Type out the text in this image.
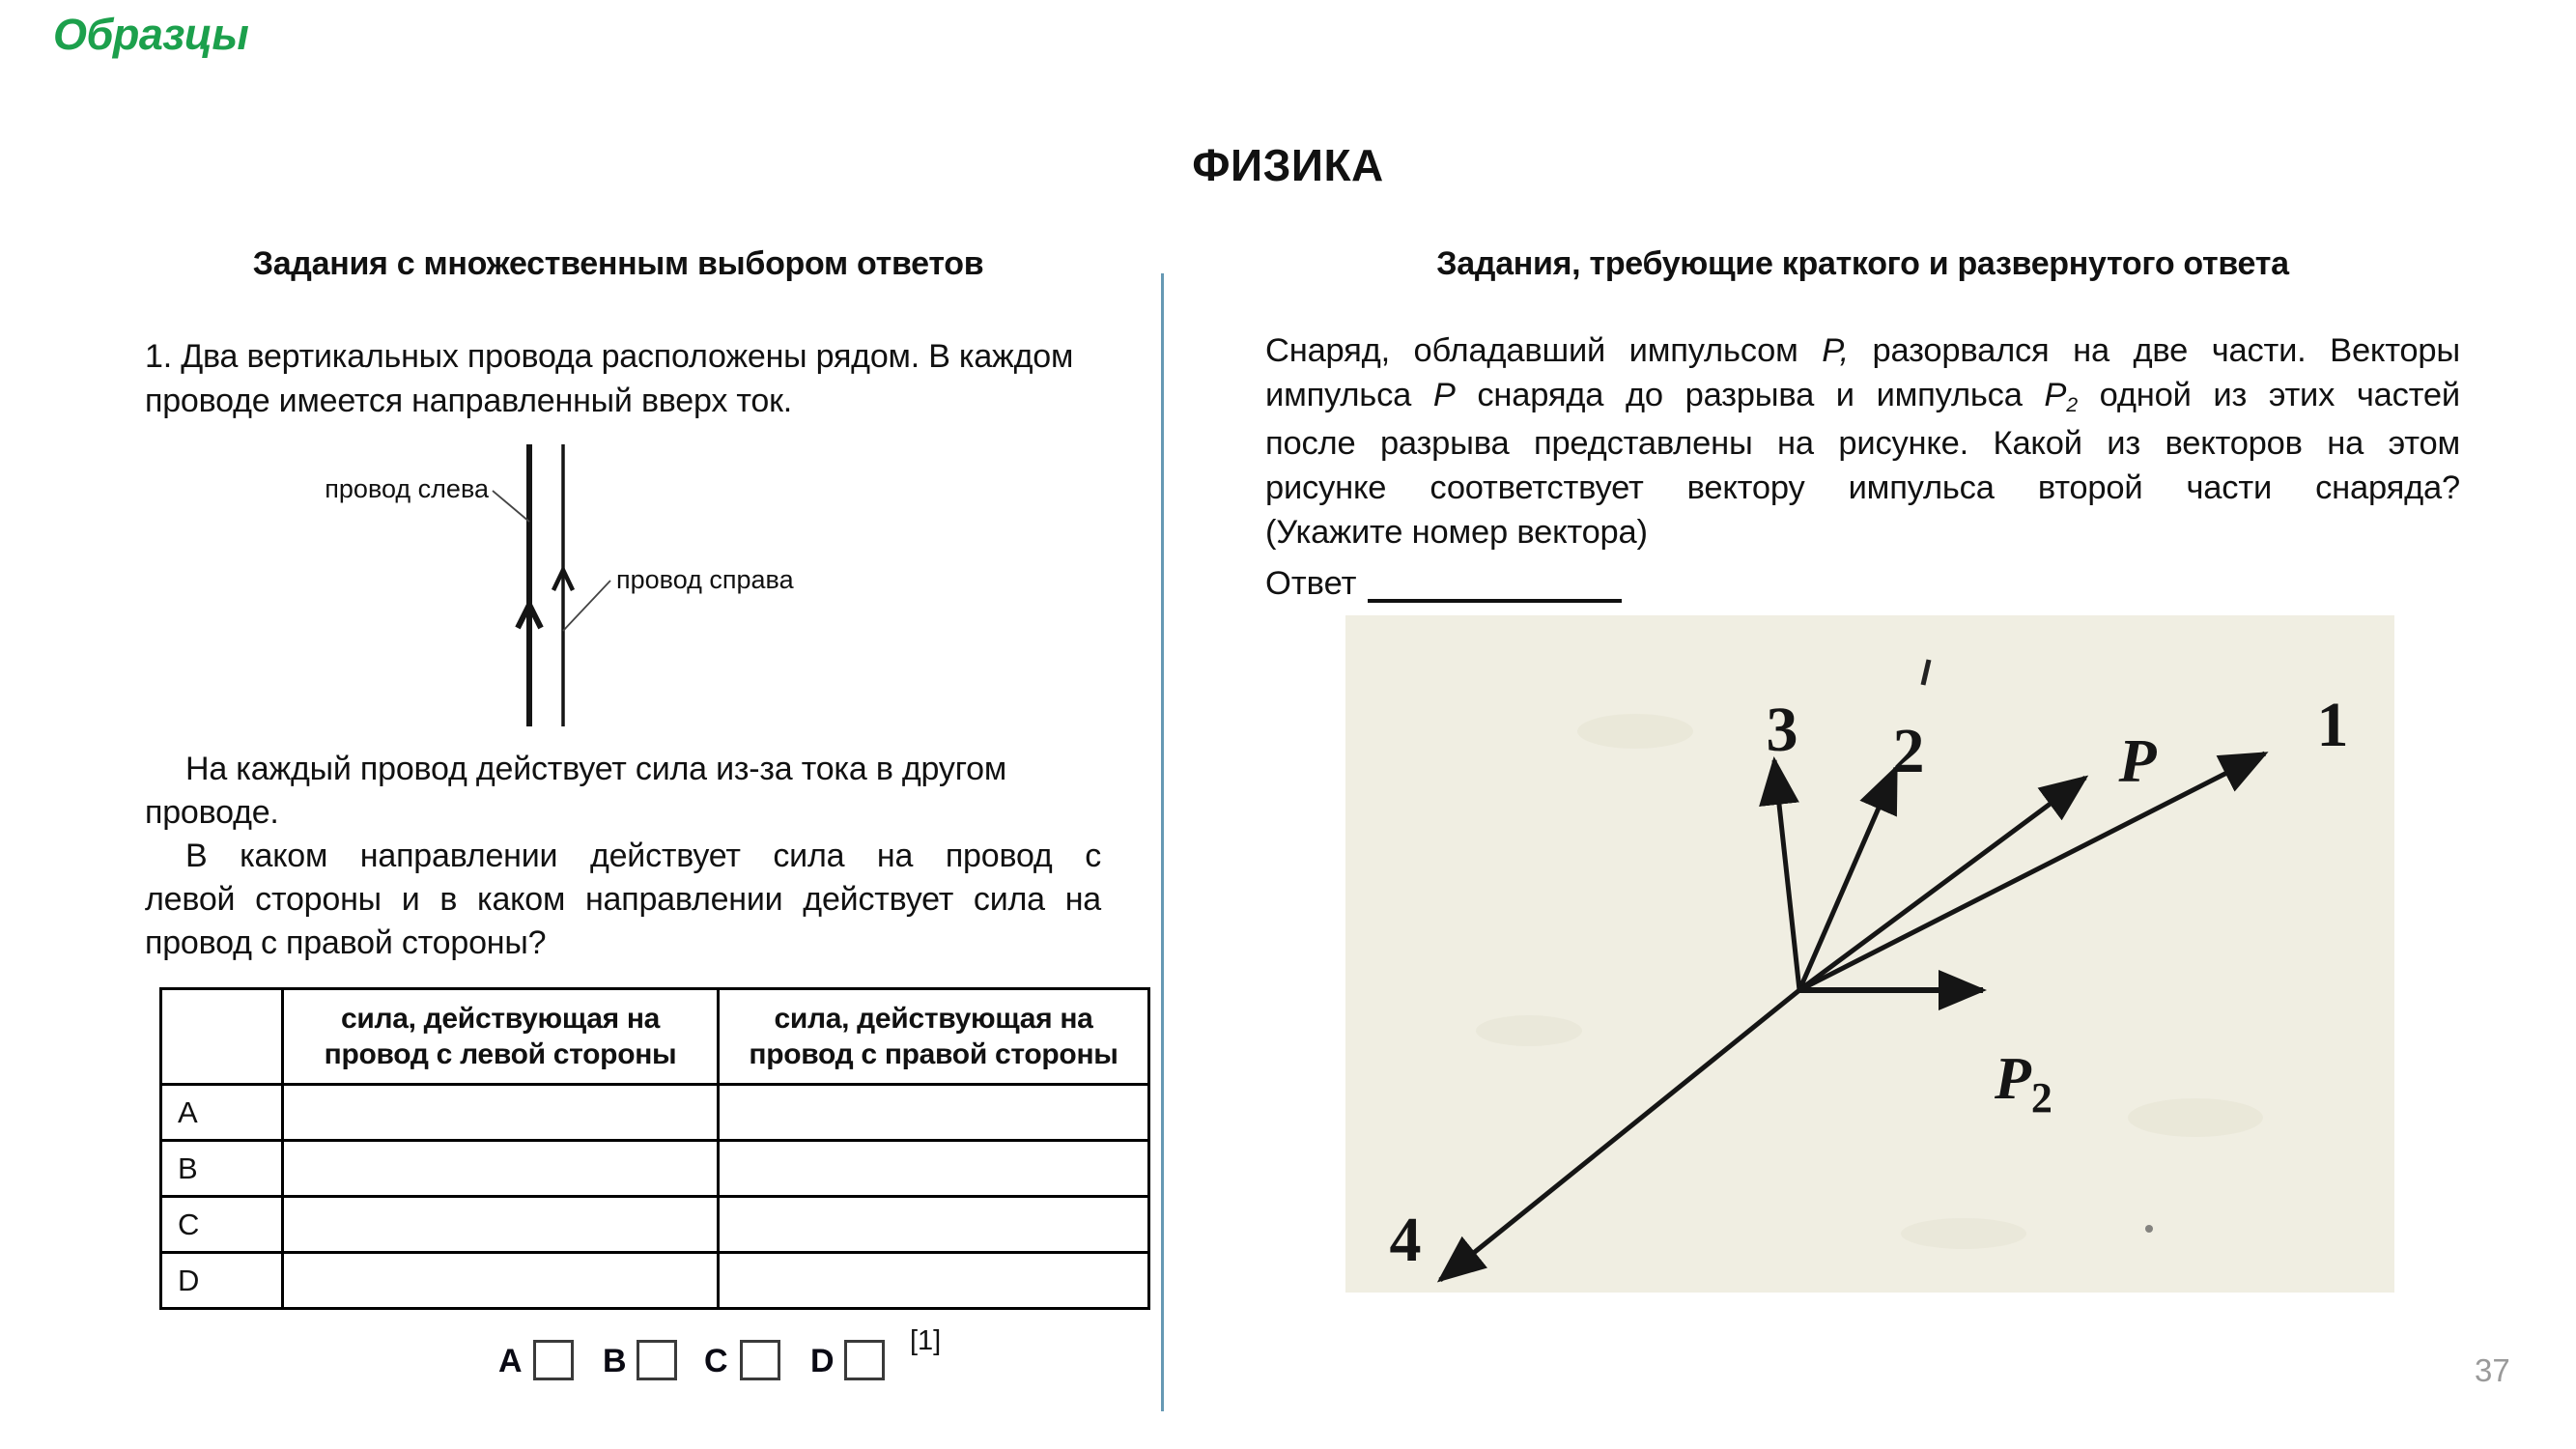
Образцы
ФИЗИКА
Задания с множественным выбором ответов
1. Два вертикальных провода расположены рядом. В каждом
проводе имеется направленный вверх ток.
провод слева
провод справа
На каждый провод действует сила из-за тока в другом
проводе.
В каком направлении действует сила на провод с
левой стороны и в каком направлении действует сила на
провод с правой стороны?
	сила, действующая на провод с левой стороны	сила, действующая на провод с правой стороны
A		
B		
C		
D		
A B C	D
[1]
Задания, требующие краткого и развернутого ответа
Снаряд, обладавший импульсом P, разорвался на две части. Векторы
импульса P снаряда до разрыва и импульса P2 одной из этих частей
после разрыва представлены на рисунке. Какой из векторов на этом
рисунке соответствует вектору импульса второй части снаряда?
(Укажите номер вектора)
Ответ
3 2	P
1
4
$P_2$
37
